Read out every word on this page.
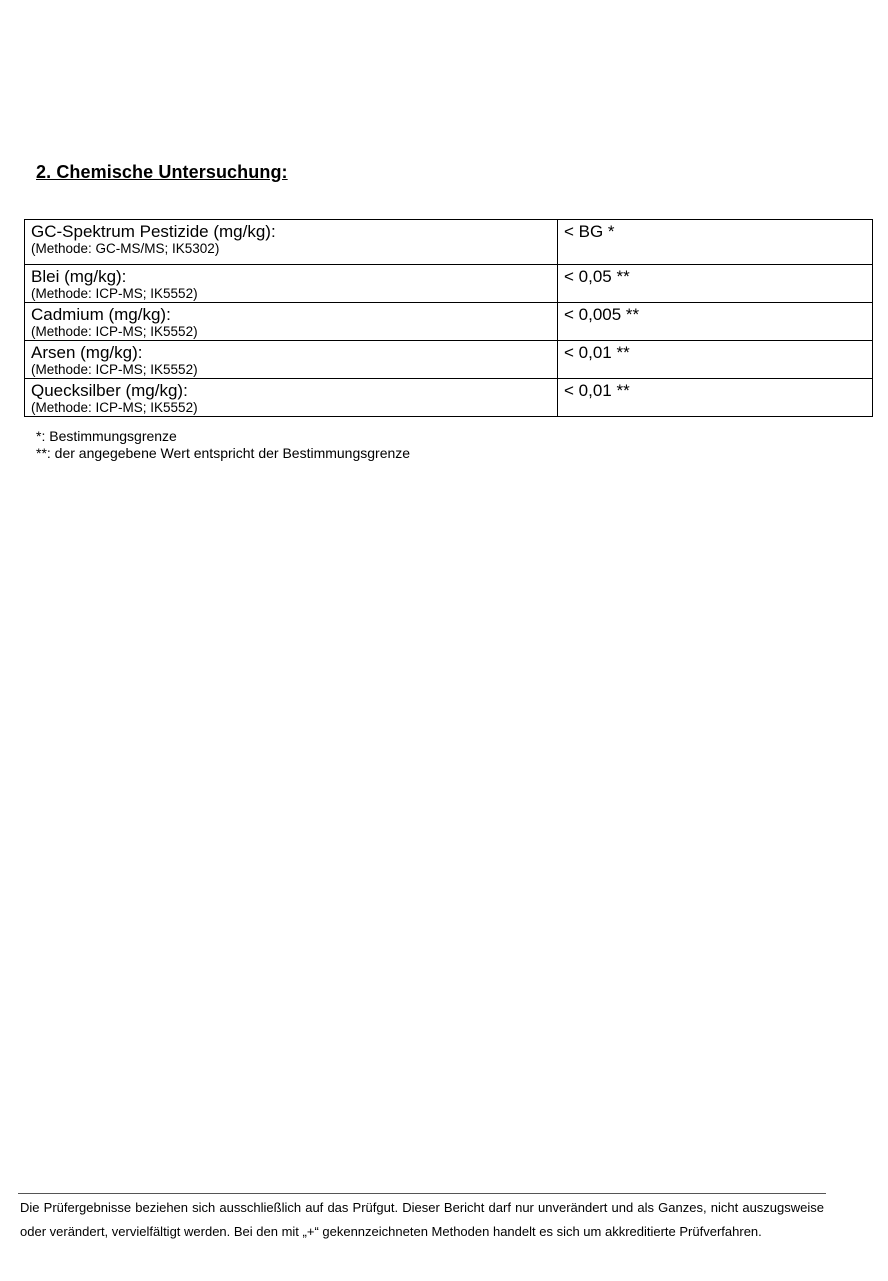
2. Chemische Untersuchung:
GC-Spektrum Pestizide (mg/kg):
(Methode: GC-MS/MS; IK5302)	< BG *

Blei (mg/kg):
(Methode: ICP-MS; IK5552)	< 0,05 **

Cadmium (mg/kg):
(Methode: ICP-MS; IK5552)	< 0,005 **

Arsen (mg/kg):
(Methode: ICP-MS; IK5552)	< 0,01 **

Quecksilber (mg/kg):
(Methode: ICP-MS; IK5552)	< 0,01 **
*: Bestimmungsgrenze
**: der angegebene Wert entspricht der Bestimmungsgrenze

Die Prüfergebnisse beziehen sich ausschließlich auf das Prüfgut. Dieser Bericht darf nur unverändert und als Ganzes, nicht auszugsweise oder verändert, vervielfältigt werden. Bei den mit „+“ gekennzeichneten Methoden handelt es sich um akkreditierte Prüfverfahren.
